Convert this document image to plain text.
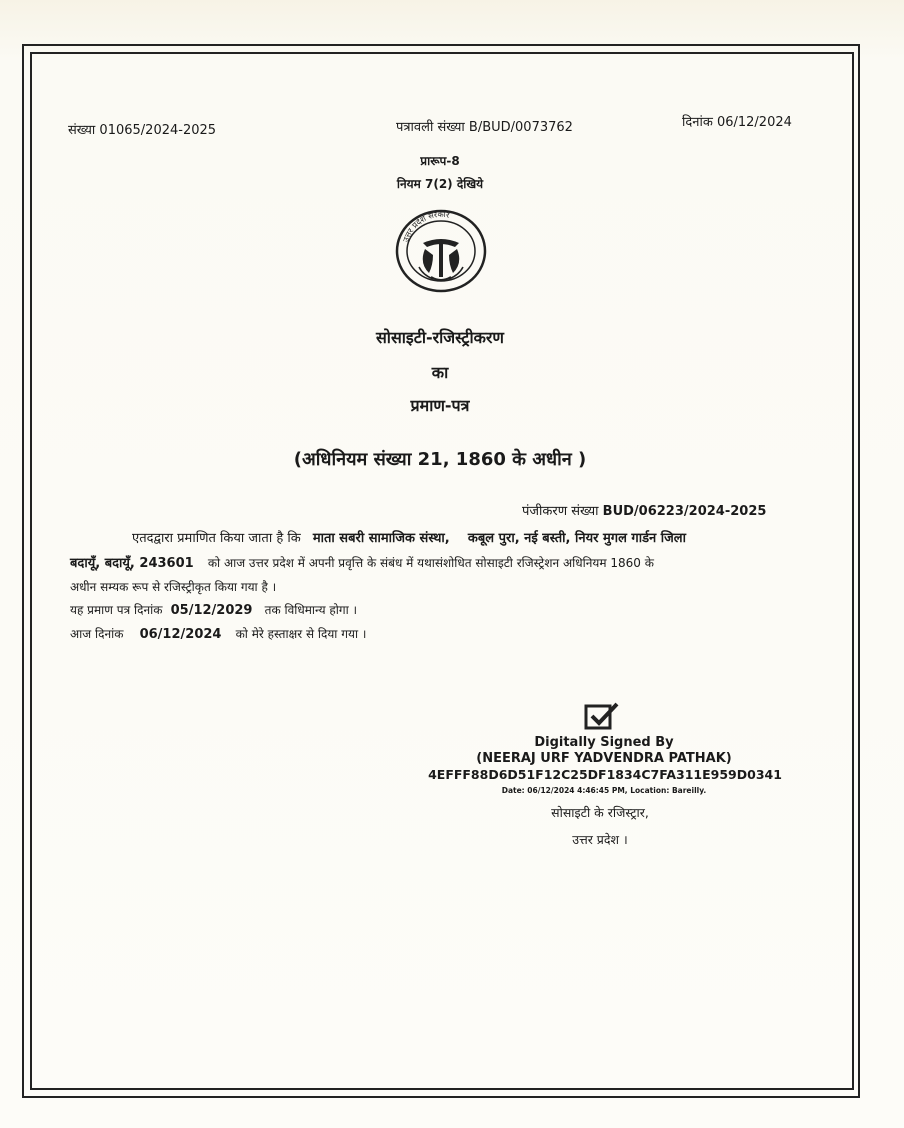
संख्या 01065/2024-2025	पत्रावली संख्या B/BUD/0073762	दिनांक 06/12/2024
प्रारूप-8
नियम 7(2) देखिये
उत्तर प्रदेश सरकार
सोसाइटी-रजिस्ट्रीकरण
का
प्रमाण-पत्र
(अधिनियम संख्या 21, 1860 के अधीन )
पंजीकरण संख्या BUD/06223/2024-2025
एतदद्वारा प्रमाणित किया जाता है कि माता सबरी सामाजिक संस्था, कबूल पुरा, नई बस्ती, नियर मुगल गार्डन जिला
बदायूँ, बदायूँ, 243601 को आज उत्तर प्रदेश में अपनी प्रवृत्ति के संबंध में यथासंशोधित सोसाइटी रजिस्ट्रेशन अधिनियम 1860 के
अधीन सम्यक रूप से रजिस्ट्रीकृत किया गया है ।
यह प्रमाण पत्र दिनांक 05/12/2029 तक विधिमान्य होगा ।
आज दिनांक 06/12/2024 को मेरे हस्ताक्षर से दिया गया ।
Digitally Signed By
(NEERAJ URF YADVENDRA PATHAK)
4EFFF88D6D51F12C25DF1834C7FA311E959D0341
Date: 06/12/2024 4:46:45 PM, Location: Bareilly.
सोसाइटी के रजिस्ट्रार,
उत्तर प्रदेश ।
